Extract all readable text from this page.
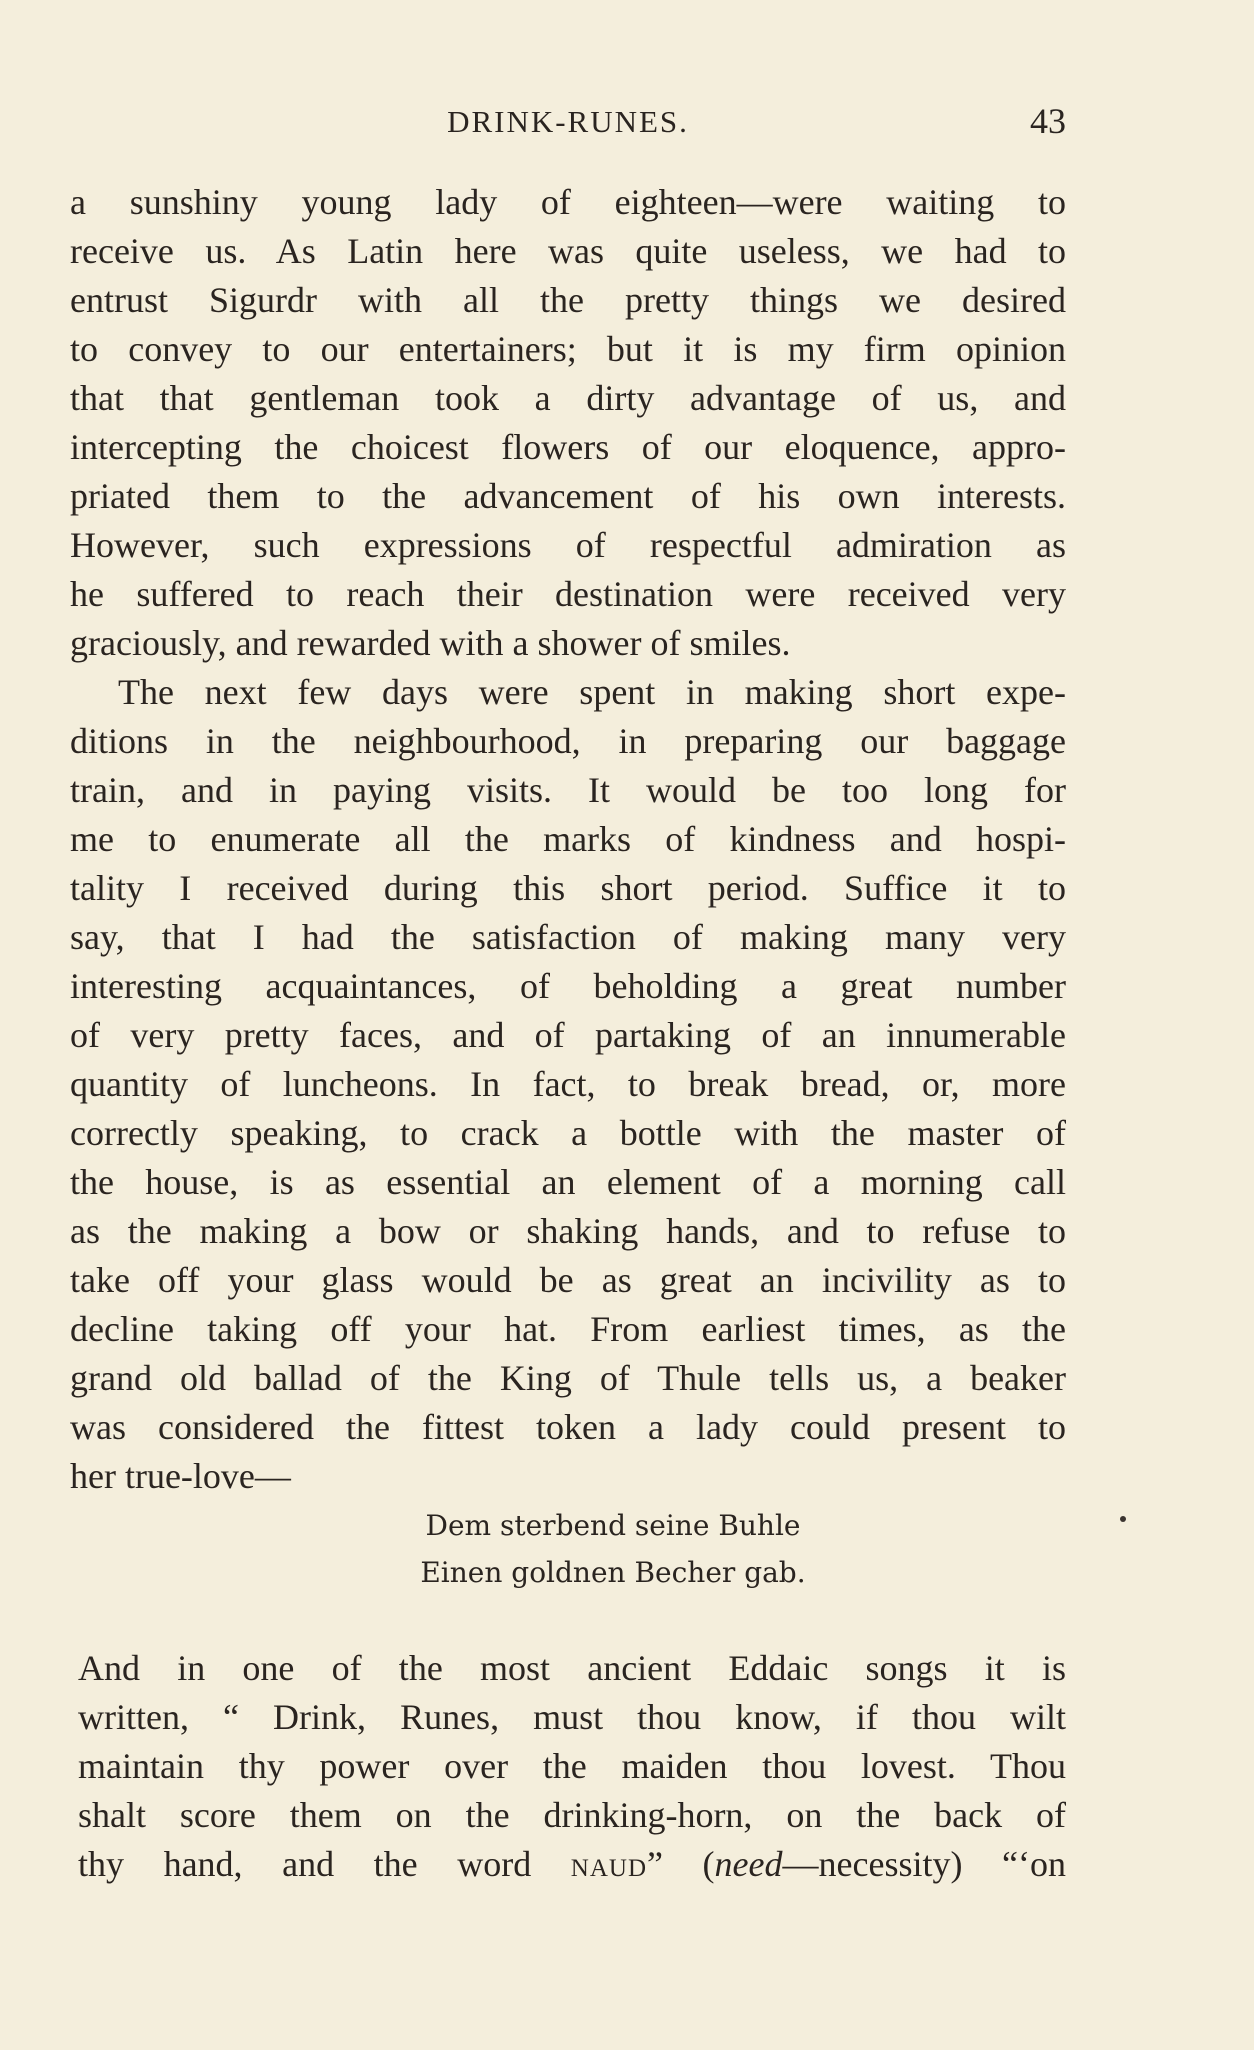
DRINK-RUNES.	43
a sunshiny young lady of eighteen—were waiting to
receive us. As Latin here was quite useless, we had to
entrust Sigurdr with all the pretty things we desired
to convey to our entertainers; but it is my firm opinion
that that gentleman took a dirty advantage of us, and
intercepting the choicest flowers of our eloquence, appro-
priated them to the advancement of his own interests.
However, such expressions of respectful admiration as
he suffered to reach their destination were received very
graciously, and rewarded with a shower of smiles.
The next few days were spent in making short expe-
ditions in the neighbourhood, in preparing our baggage
train, and in paying visits. It would be too long for
me to enumerate all the marks of kindness and hospi-
tality I received during this short period. Suffice it to
say, that I had the satisfaction of making many very
interesting acquaintances, of beholding a great number
of very pretty faces, and of partaking of an innumerable
quantity of luncheons. In fact, to break bread, or, more
correctly speaking, to crack a bottle with the master of
the house, is as essential an element of a morning call
as the making a bow or shaking hands, and to refuse to
take off your glass would be as great an incivility as to
decline taking off your hat. From earliest times, as the
grand old ballad of the King of Thule tells us, a beaker
was considered the fittest token a lady could present to
her true-love—
Dem sterbend seine Buhle
Einen goldnen Becher gab.
And in one of the most ancient Eddaic songs it is
written, “ Drink, Runes, must thou know, if thou wilt
maintain thy power over the maiden thou lovest. Thou
shalt score them on the drinking-horn, on the back of
thy hand, and the word naud” (need—necessity) “‘on
